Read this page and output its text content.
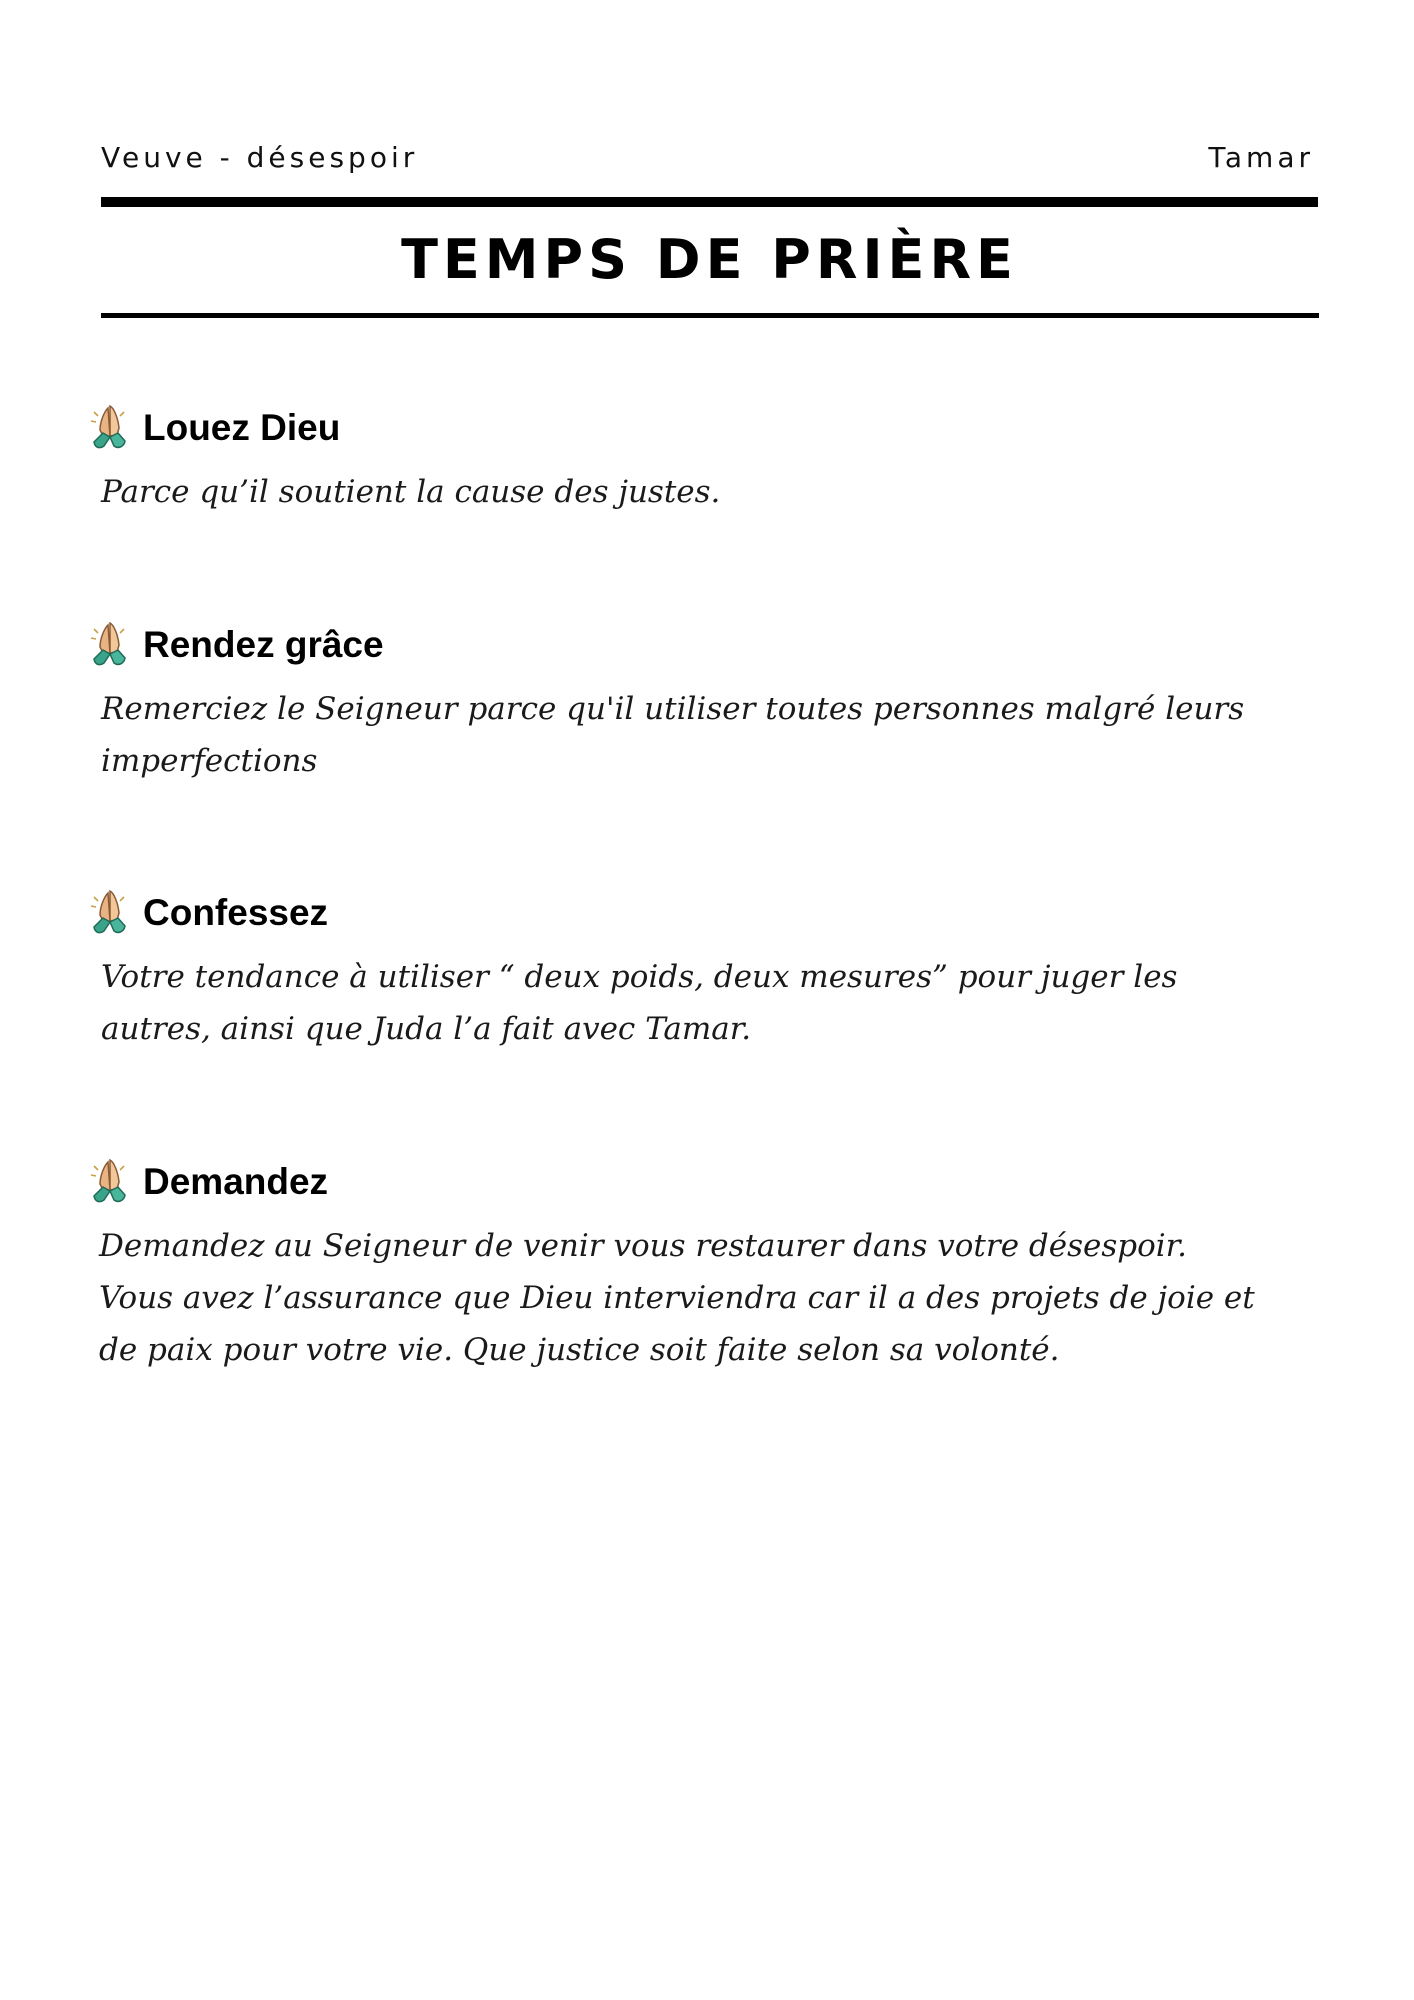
Veuve - désespoir	Tamar
TEMPS DE PRIÈRE
Louez Dieu
Parce qu’il soutient la cause des justes.
Rendez grâce
Remerciez le Seigneur parce qu'il utiliser toutes personnes malgré leurs
imperfections
Confessez
Votre tendance à utiliser “ deux poids, deux mesures” pour juger les
autres, ainsi que Juda l’a fait avec Tamar.
Demandez
Demandez au Seigneur de venir vous restaurer dans votre désespoir.
Vous avez l’assurance que Dieu interviendra car il a des projets de joie et
de paix pour votre vie. Que justice soit faite selon sa volonté.
